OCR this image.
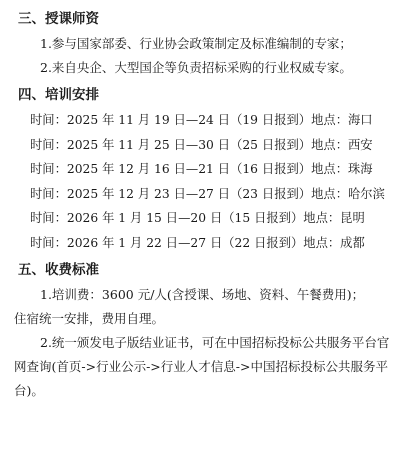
三、授课师资

1.参与国家部委、行业协会政策制定及标准编制的专家；

2.来自央企、大型国企等负责招标采购的行业权威专家。

四、培训安排

时间：2025 年 11 月 19 日—24 日（19 日报到）地点：海口

时间：2025 年 11 月 25 日—30 日（25 日报到）地点：西安

时间：2025 年 12 月 16 日—21 日（16 日报到）地点：珠海

时间：2025 年 12 月 23 日—27 日（23 日报到）地点：哈尔滨

时间：2026 年 1 月 15 日—20 日（15 日报到）地点：昆明

时间：2026 年 1 月 22 日—27 日（22 日报到）地点：成都

五、收费标准

1.培训费：3600 元/人(含授课、场地、资料、午餐费用)；

住宿统一安排，费用自理。

2.统一颁发电子版结业证书，可在中国招标投标公共服务平台官网查询(首页->行业公示->行业人才信息->中国招标投标公共服务平台)。
